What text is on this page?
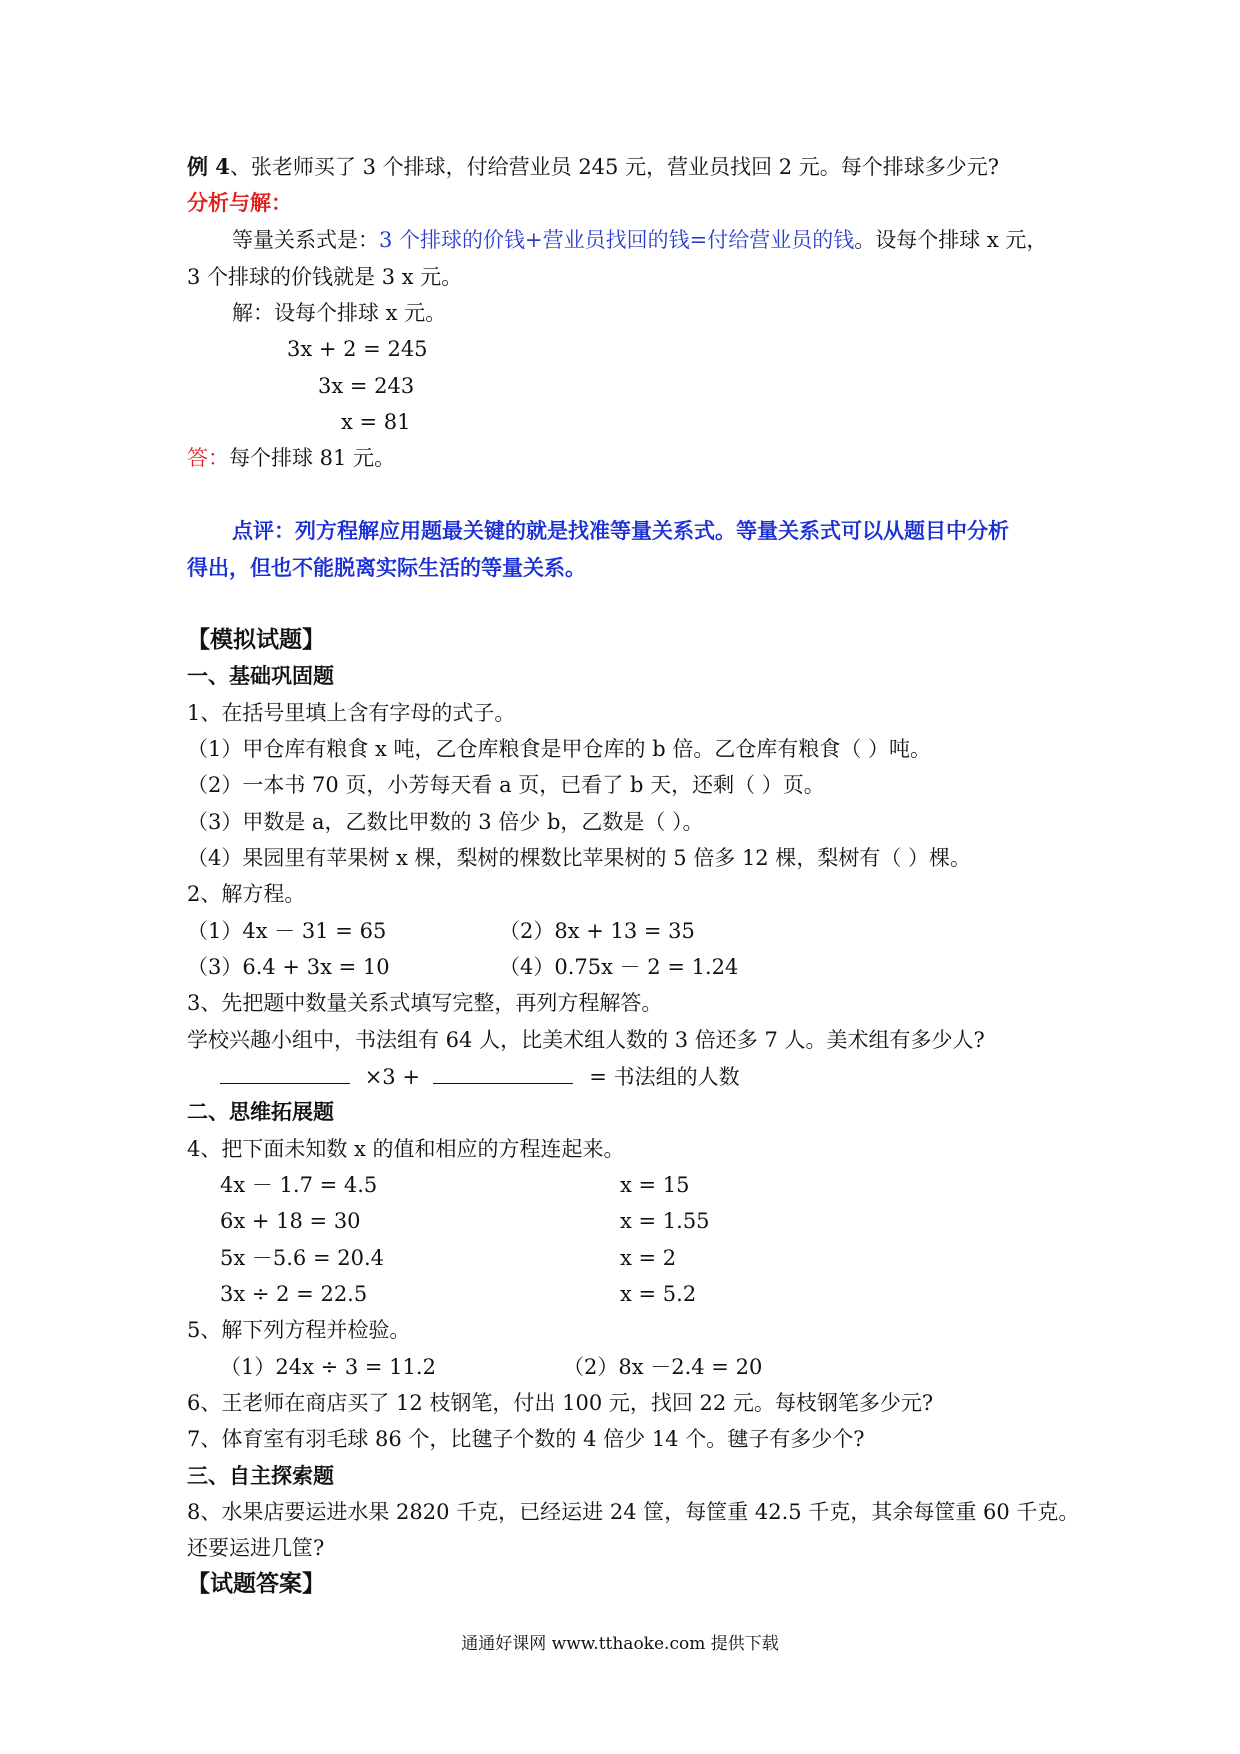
例 4、张老师买了 3 个排球，付给营业员 245 元，营业员找回 2 元。每个排球多少元?
分析与解：
等量关系式是：3 个排球的价钱+营业员找回的钱=付给营业员的钱。设每个排球 x 元，
3 个排球的价钱就是 3 x 元。
解：设每个排球 x 元。
3x + 2 = 245
3x = 243
x = 81
答：每个排球 81 元。
点评：列方程解应用题最关键的就是找准等量关系式。等量关系式可以从题目中分析
得出，但也不能脱离实际生活的等量关系。
【模拟试题】
一、基础巩固题
1、在括号里填上含有字母的式子。
（1）甲仓库有粮食 x 吨，乙仓库粮食是甲仓库的 b 倍。乙仓库有粮食（ ）吨。
（2）一本书 70 页，小芳每天看 a 页，已看了 b 天，还剩（ ）页。
（3）甲数是 a，乙数比甲数的 3 倍少 b，乙数是（ ）。
（4）果园里有苹果树 x 棵，梨树的棵数比苹果树的 5 倍多 12 棵，梨树有（ ）棵。
2、解方程。
（1）4x － 31 = 65	（2）8x + 13 = 35
（3）6.4 + 3x = 10	（4）0.75x － 2 = 1.24
3、先把题中数量关系式填写完整，再列方程解答。
学校兴趣小组中，书法组有 64 人，比美术组人数的 3 倍还多 7 人。美术组有多少人?
×3 +	= 书法组的人数
二、思维拓展题
4、把下面未知数 x 的值和相应的方程连起来。
4x － 1.7 = 4.5	x = 15
6x + 18 = 30	x = 1.55
5x －5.6 = 20.4	x = 2
3x ÷ 2 = 22.5	x = 5.2
5、解下列方程并检验。
（1）24x ÷ 3 = 11.2	（2）8x －2.4 = 20
6、王老师在商店买了 12 枝钢笔，付出 100 元，找回 22 元。每枝钢笔多少元?
7、体育室有羽毛球 86 个，比毽子个数的 4 倍少 14 个。毽子有多少个?
三、自主探索题
8、水果店要运进水果 2820 千克，已经运进 24 筐，每筐重 42.5 千克，其余每筐重 60 千克。
还要运进几筐?
【试题答案】
通通好课网 www.tthaoke.com 提供下载
